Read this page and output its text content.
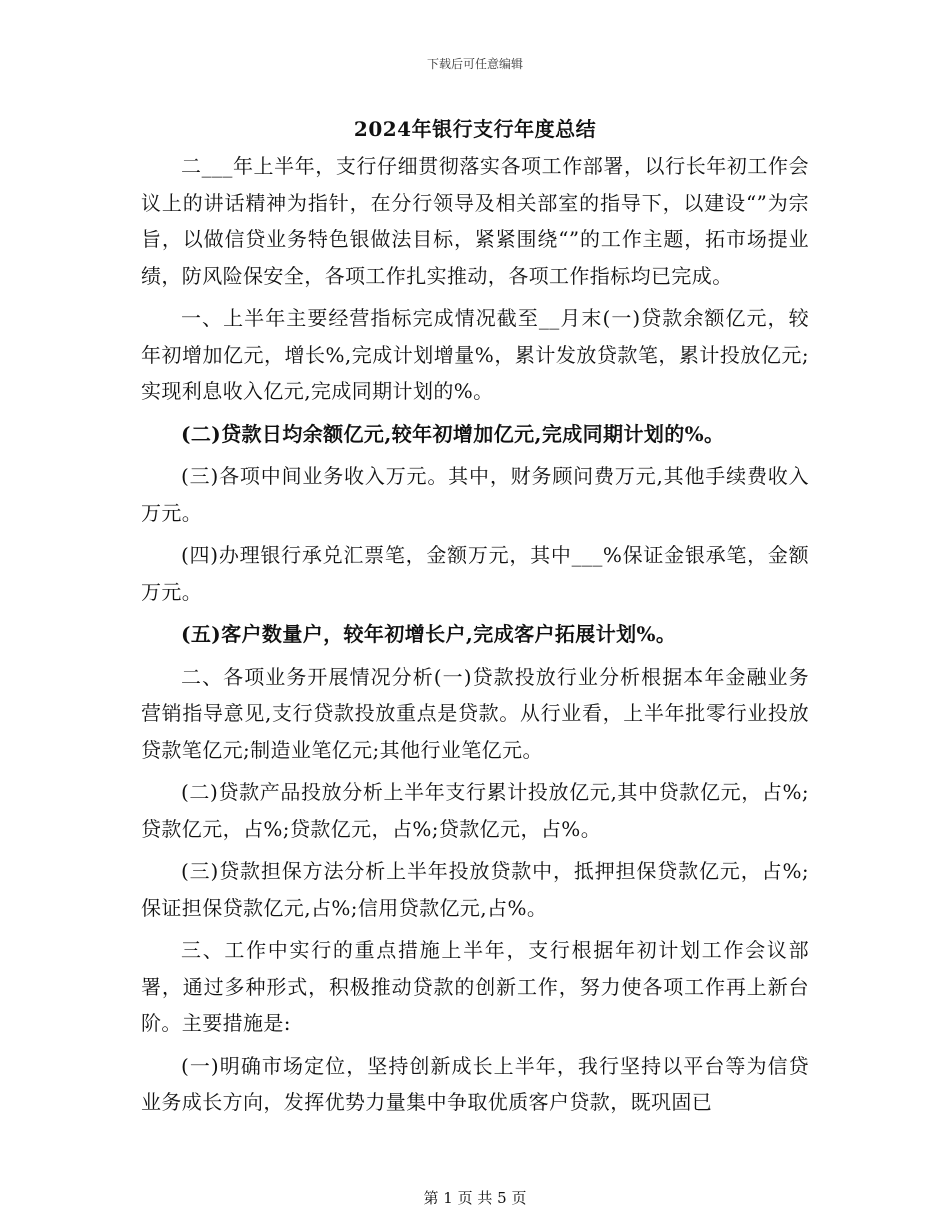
下载后可任意编辑
2024年银行支行年度总结

二___年上半年，支行仔细贯彻落实各项工作部署，以行长年初工作会议上的讲话精神为指针，在分行领导及相关部室的指导下，以建设“”为宗旨，以做信贷业务特色银做法目标，紧紧围绕“”的工作主题，拓市场提业绩，防风险保安全，各项工作扎实推动，各项工作指标均已完成。

一、上半年主要经营指标完成情况截至__月末(一)贷款余额亿元，较年初增加亿元，增长%,完成计划增量%，累计发放贷款笔，累计投放亿元;实现利息收入亿元,完成同期计划的%。

(二)贷款日均余额亿元,较年初增加亿元,完成同期计划的%。

(三)各项中间业务收入万元。其中，财务顾问费万元,其他手续费收入万元。

(四)办理银行承兑汇票笔，金额万元，其中___%保证金银承笔，金额万元。

(五)客户数量户，较年初增长户,完成客户拓展计划%。

二、各项业务开展情况分析(一)贷款投放行业分析根据本年金融业务营销指导意见,支行贷款投放重点是贷款。从行业看，上半年批零行业投放贷款笔亿元;制造业笔亿元;其他行业笔亿元。

(二)贷款产品投放分析上半年支行累计投放亿元,其中贷款亿元，占%;贷款亿元，占%;贷款亿元，占%;贷款亿元，占%。

(三)贷款担保方法分析上半年投放贷款中，抵押担保贷款亿元，占%;保证担保贷款亿元,占%;信用贷款亿元,占%。

三、工作中实行的重点措施上半年，支行根据年初计划工作会议部署，通过多种形式，积极推动贷款的创新工作，努力使各项工作再上新台阶。主要措施是:

(一)明确市场定位，坚持创新成长上半年，我行坚持以平台等为信贷业务成长方向，发挥优势力量集中争取优质客户贷款，既巩固已

第 1 页 共 5 页
